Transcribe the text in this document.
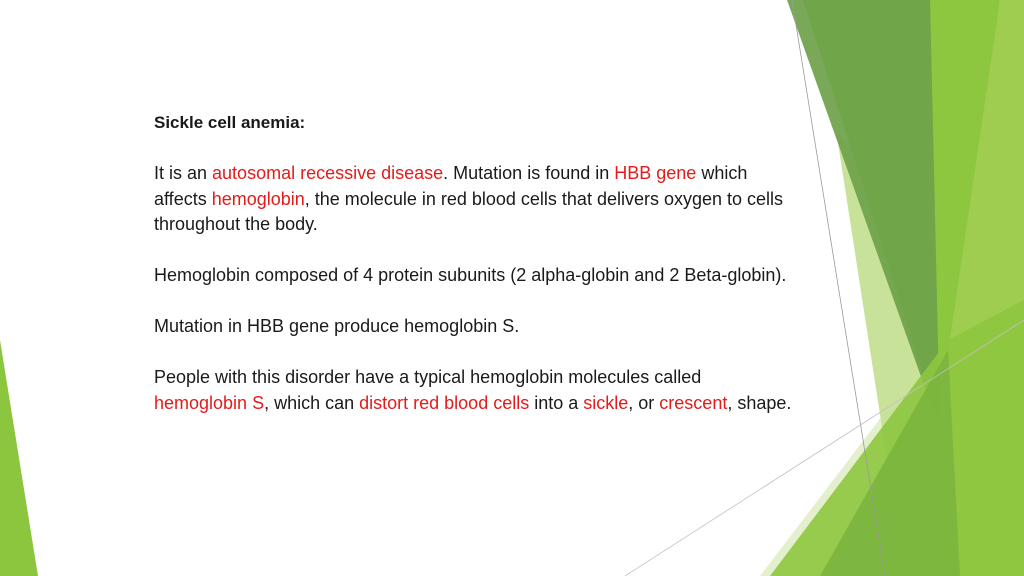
Sickle cell anemia:

It is an autosomal recessive disease. Mutation is found in HBB gene which affects hemoglobin, the molecule in red blood cells that delivers oxygen to cells throughout the body.

Hemoglobin composed of 4 protein subunits (2 alpha-globin and 2 Beta-globin).

Mutation in HBB gene produce hemoglobin S.

People with this disorder have a typical hemoglobin molecules called hemoglobin S, which can distort red blood cells into a sickle, or crescent, shape.
